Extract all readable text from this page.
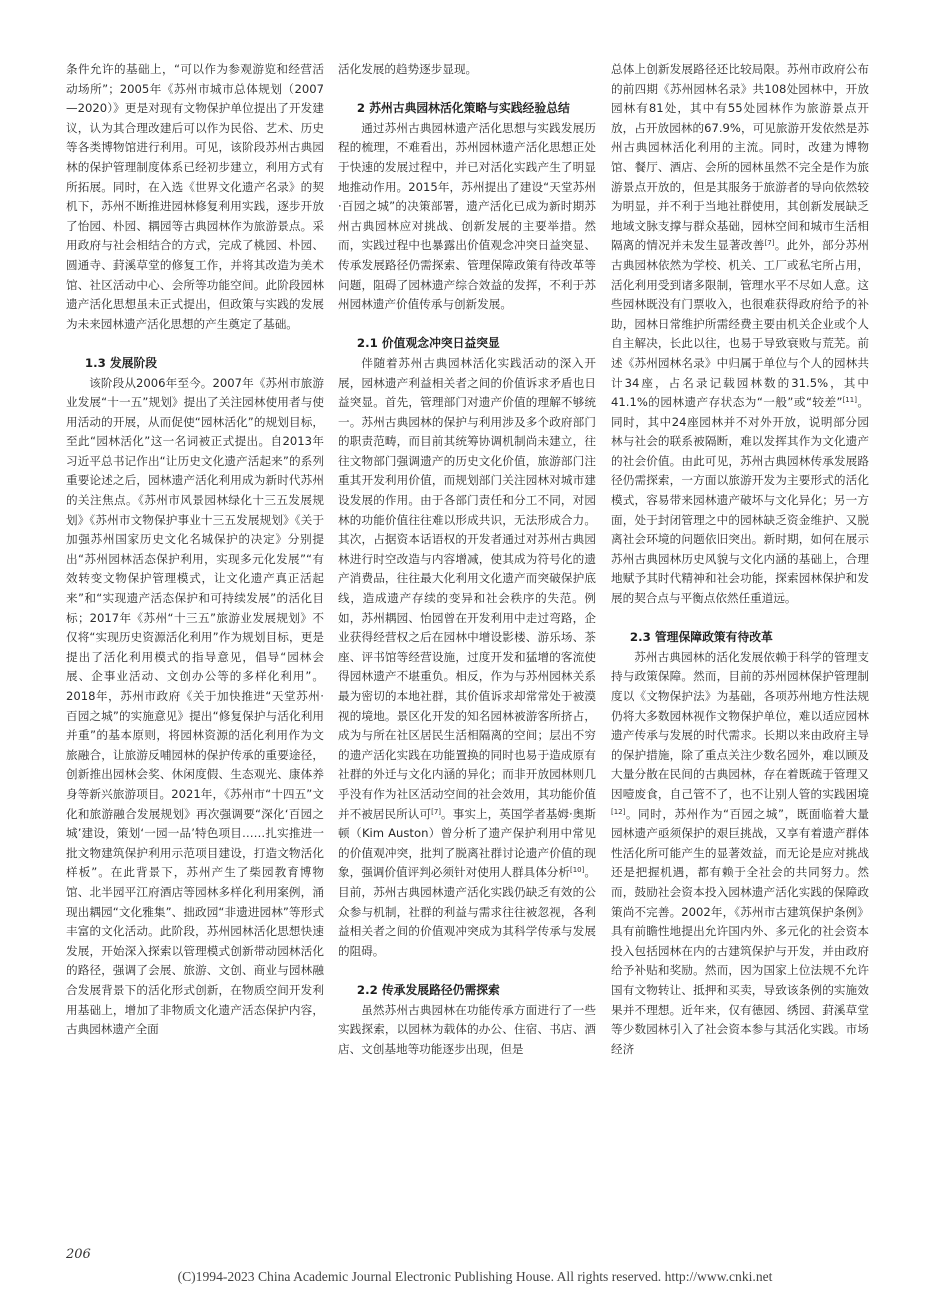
条件允许的基础上，“可以作为参观游览和经营活动场所”；2005年《苏州市城市总体规划（2007—2020）》更是对现有文物保护单位提出了开发建议，认为其合理改建后可以作为民俗、艺术、历史等各类博物馆进行利用。可见，该阶段苏州古典园林的保护管理制度体系已经初步建立，利用方式有所拓展。同时，在入选《世界文化遗产名录》的契机下，苏州不断推进园林修复利用实践，逐步开放了怡园、朴园、耦园等古典园林作为旅游景点。采用政府与社会相结合的方式，完成了桃园、朴园、圆通寺、葑溪草堂的修复工作，并将其改造为美术馆、社区活动中心、会所等功能空间。此阶段园林遗产活化思想虽未正式提出，但政策与实践的发展为未来园林遗产活化思想的产生奠定了基础。

1.3 发展阶段

该阶段从2006年至今。2007年《苏州市旅游业发展“十一五”规划》提出了关注园林使用者与使用活动的开展，从而促使“园林活化”的规划目标，至此“园林活化”这一名词被正式提出。自2013年习近平总书记作出“让历史文化遗产活起来”的系列重要论述之后，园林遗产活化利用成为新时代苏州的关注焦点。《苏州市风景园林绿化十三五发展规划》《苏州市文物保护事业十三五发展规划》《关于加强苏州国家历史文化名城保护的决定》分别提出“苏州园林活态保护利用，实现多元化发展”“有效转变文物保护管理模式，让文化遗产真正活起来”和“实现遗产活态保护和可持续发展”的活化目标；2017年《苏州“十三五”旅游业发展规划》不仅将“实现历史资源活化利用”作为规划目标，更是提出了活化利用模式的指导意见，倡导“园林会展、企事业活动、文创办公等的多样化利用”。2018年，苏州市政府《关于加快推进“天堂苏州·百园之城”的实施意见》提出“修复保护与活化利用并重”的基本原则，将园林资源的活化利用作为文旅融合，让旅游反哺园林的保护传承的重要途径，创新推出园林会奖、休闲度假、生态观光、康体养身等新兴旅游项目。2021年，《苏州市“十四五”文化和旅游融合发展规划》再次强调要“深化‘百园之城’建设，策划‘一园一品’特色项目……扎实推进一批文物建筑保护利用示范项目建设，打造文物活化样板”。在此背景下，苏州产生了柴园教育博物馆、北半园平江府酒店等园林多样化利用案例，涌现出耦园“文化雅集”、拙政园“非遗进园林”等形式丰富的文化活动。此阶段，苏州园林活化思想快速发展，开始深入探索以管理模式创新带动园林活化的路径，强调了会展、旅游、文创、商业与园林融合发展背景下的活化形式创新，在物质空间开发利用基础上，增加了非物质文化遗产活态保护内容，古典园林遗产全面

活化发展的趋势逐步显现。

2 苏州古典园林活化策略与实践经验总结

通过苏州古典园林遗产活化思想与实践发展历程的梳理，不难看出，苏州园林遗产活化思想正处于快速的发展过程中，并已对活化实践产生了明显地推动作用。2015年，苏州提出了建设“天堂苏州·百园之城”的决策部署，遗产活化已成为新时期苏州古典园林应对挑战、创新发展的主要举措。然而，实践过程中也暴露出价值观念冲突日益突显、传承发展路径仍需探索、管理保障政策有待改革等问题，阻碍了园林遗产综合效益的发挥，不利于苏州园林遗产价值传承与创新发展。

2.1 价值观念冲突日益突显

伴随着苏州古典园林活化实践活动的深入开展，园林遗产利益相关者之间的价值诉求矛盾也日益突显。首先，管理部门对遗产价值的理解不够统一。苏州古典园林的保护与利用涉及多个政府部门的职责范畴，而目前其统筹协调机制尚未建立，往往文物部门强调遗产的历史文化价值，旅游部门注重其开发利用价值，而规划部门关注园林对城市建设发展的作用。由于各部门责任和分工不同，对园林的功能价值往往难以形成共识，无法形成合力。其次，占据资本话语权的开发者通过对苏州古典园林进行时空改造与内容增减，使其成为符号化的遗产消费品，往往最大化利用文化遗产而突破保护底线，造成遗产存续的变异和社会秩序的失范。例如，苏州耦园、怡园曾在开发利用中走过弯路，企业获得经营权之后在园林中增设影楼、游乐场、茶座、评书馆等经营设施，过度开发和猛增的客流使得园林遗产不堪重负。相反，作为与苏州园林关系最为密切的本地社群，其价值诉求却常常处于被漠视的境地。景区化开发的知名园林被游客所挤占，成为与所在社区居民生活相隔离的空间；层出不穷的遗产活化实践在功能置换的同时也易于造成原有社群的外迁与文化内涵的异化；而非开放园林则几乎没有作为社区活动空间的社会效用，其功能价值并不被居民所认可[7]。事实上，英国学者基姆·奥斯顿（Kim Auston）曾分析了遗产保护利用中常见的价值观冲突，批判了脱离社群讨论遗产价值的现象，强调价值评判必须针对使用人群具体分析[10]。目前，苏州古典园林遗产活化实践仍缺乏有效的公众参与机制，社群的利益与需求往往被忽视，各利益相关者之间的价值观冲突成为其科学传承与发展的阻碍。

2.2 传承发展路径仍需探索

虽然苏州古典园林在功能传承方面进行了一些实践探索，以园林为载体的办公、住宿、书店、酒店、文创基地等功能逐步出现，但是

总体上创新发展路径还比较局限。苏州市政府公布的前四期《苏州园林名录》共108处园林中，开放园林有81处，其中有55处园林作为旅游景点开放，占开放园林的67.9%，可见旅游开发依然是苏州古典园林活化利用的主流。同时，改建为博物馆、餐厅、酒店、会所的园林虽然不完全是作为旅游景点开放的，但是其服务于旅游者的导向依然较为明显，并不利于当地社群使用，其创新发展缺乏地域文脉支撑与群众基础，园林空间和城市生活相隔离的情况并未发生显著改善[7]。此外，部分苏州古典园林依然为学校、机关、工厂或私宅所占用，活化利用受到诸多限制，管理水平不尽如人意。这些园林既没有门票收入，也很难获得政府给予的补助，园林日常维护所需经费主要由机关企业或个人自主解决，长此以往，也易于导致衰败与荒芜。前述《苏州园林名录》中归属于单位与个人的园林共计34座，占名录记载园林数的31.5%，其中41.1%的园林遗产存状态为“一般”或“较差”[11]。同时，其中24座园林并不对外开放，说明部分园林与社会的联系被隔断，难以发挥其作为文化遗产的社会价值。由此可见，苏州古典园林传承发展路径仍需探索，一方面以旅游开发为主要形式的活化模式，容易带来园林遗产破坏与文化异化；另一方面，处于封闭管理之中的园林缺乏资金维护、又脱离社会环境的问题依旧突出。新时期，如何在展示苏州古典园林历史风貌与文化内涵的基础上，合理地赋予其时代精神和社会功能，探索园林保护和发展的契合点与平衡点依然任重道远。

2.3 管理保障政策有待改革

苏州古典园林的活化发展依赖于科学的管理支持与政策保障。然而，目前的苏州园林保护管理制度以《文物保护法》为基础，各项苏州地方性法规仍将大多数园林视作文物保护单位，难以适应园林遗产传承与发展的时代需求。长期以来由政府主导的保护措施，除了重点关注少数名园外，难以顾及大量分散在民间的古典园林，存在着既疏于管理又因噎废食，自己管不了，也不让别人管的实践困境[12]。同时，苏州作为“百园之城”，既面临着大量园林遗产亟须保护的艰巨挑战，又享有着遗产群体性活化所可能产生的显著效益，而无论是应对挑战还是把握机遇，都有赖于全社会的共同努力。然而，鼓励社会资本投入园林遗产活化实践的保障政策尚不完善。2002年，《苏州市古建筑保护条例》具有前瞻性地提出允许国内外、多元化的社会资本投入包括园林在内的古建筑保护与开发，并由政府给予补贴和奖励。然而，因为国家上位法规不允许国有文物转让、抵押和买卖，导致该条例的实施效果并不理想。近年来，仅有德园、绣园、葑溪草堂等少数园林引入了社会资本参与其活化实践。市场经济

206
(C)1994-2023 China Academic Journal Electronic Publishing House. All rights reserved. http://www.cnki.net
